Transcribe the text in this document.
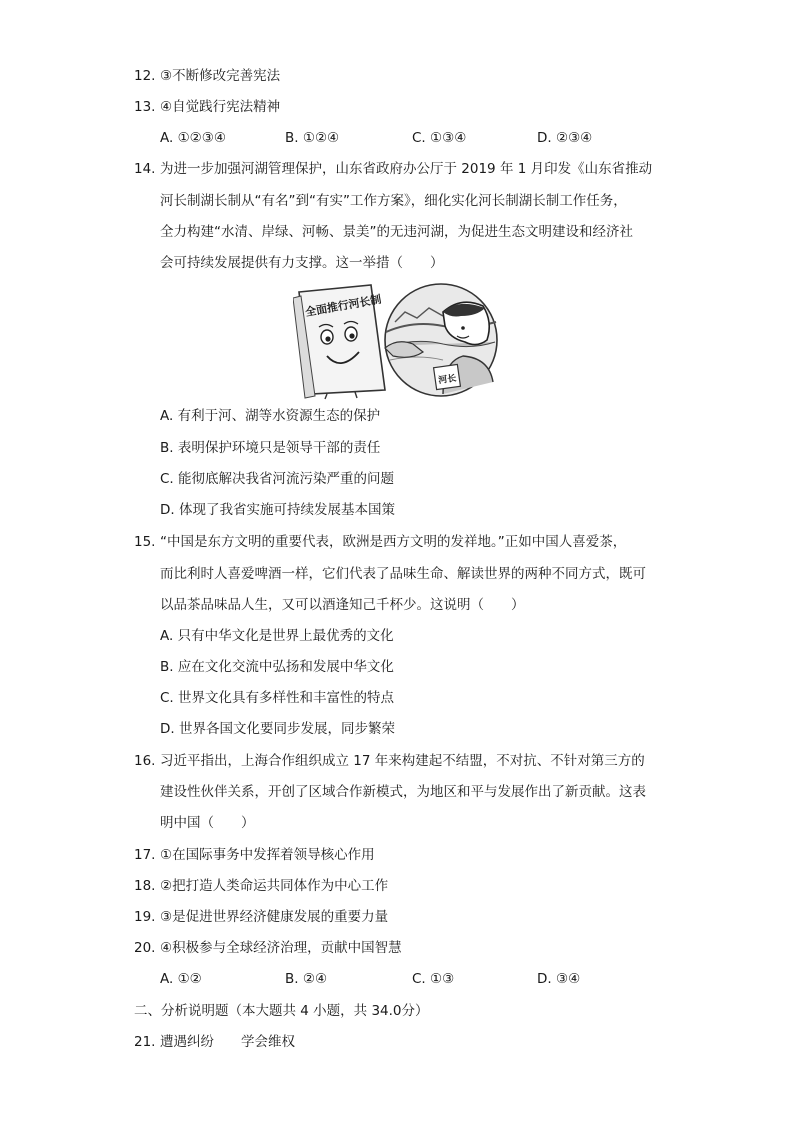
12. ③不断修改完善宪法
13. ④自觉践行宪法精神
A. ①②③④	B. ①②④	C. ①③④	D. ②③④
14. 为进一步加强河湖管理保护，山东省政府办公厅于 2019 年 1 月印发《山东省推动
河长制湖长制从“有名”到“有实”工作方案》，细化实化河长制湖长制工作任务，
全力构建“水清、岸绿、河畅、景美”的无违河湖，为促进生态文明建设和经济社
会可持续发展提供有力支撑。这一举措（　　）
全面推行河长制
河长
A. 有利于河、湖等水资源生态的保护
B. 表明保护环境只是领导干部的责任
C. 能彻底解决我省河流污染严重的问题
D. 体现了我省实施可持续发展基本国策
15. “中国是东方文明的重要代表，欧洲是西方文明的发祥地。”正如中国人喜爱茶，
而比利时人喜爱啤酒一样，它们代表了品味生命、解读世界的两种不同方式，既可
以品茶品味品人生，又可以酒逢知己千杯少。这说明（　　）
A. 只有中华文化是世界上最优秀的文化
B. 应在文化交流中弘扬和发展中华文化
C. 世界文化具有多样性和丰富性的特点
D. 世界各国文化要同步发展，同步繁荣
16. 习近平指出，上海合作组织成立 17 年来构建起不结盟，不对抗、不针对第三方的
建设性伙伴关系，开创了区域合作新模式，为地区和平与发展作出了新贡献。这表
明中国（　　）
17. ①在国际事务中发挥着领导核心作用
18. ②把打造人类命运共同体作为中心工作
19. ③是促进世界经济健康发展的重要力量
20. ④积极参与全球经济治理，贡献中国智慧
A. ①②	B. ②④	C. ①③	D. ③④
二、分析说明题（本大题共 4 小题，共 34.0分）
21. 遭遇纠纷　　学会维权
